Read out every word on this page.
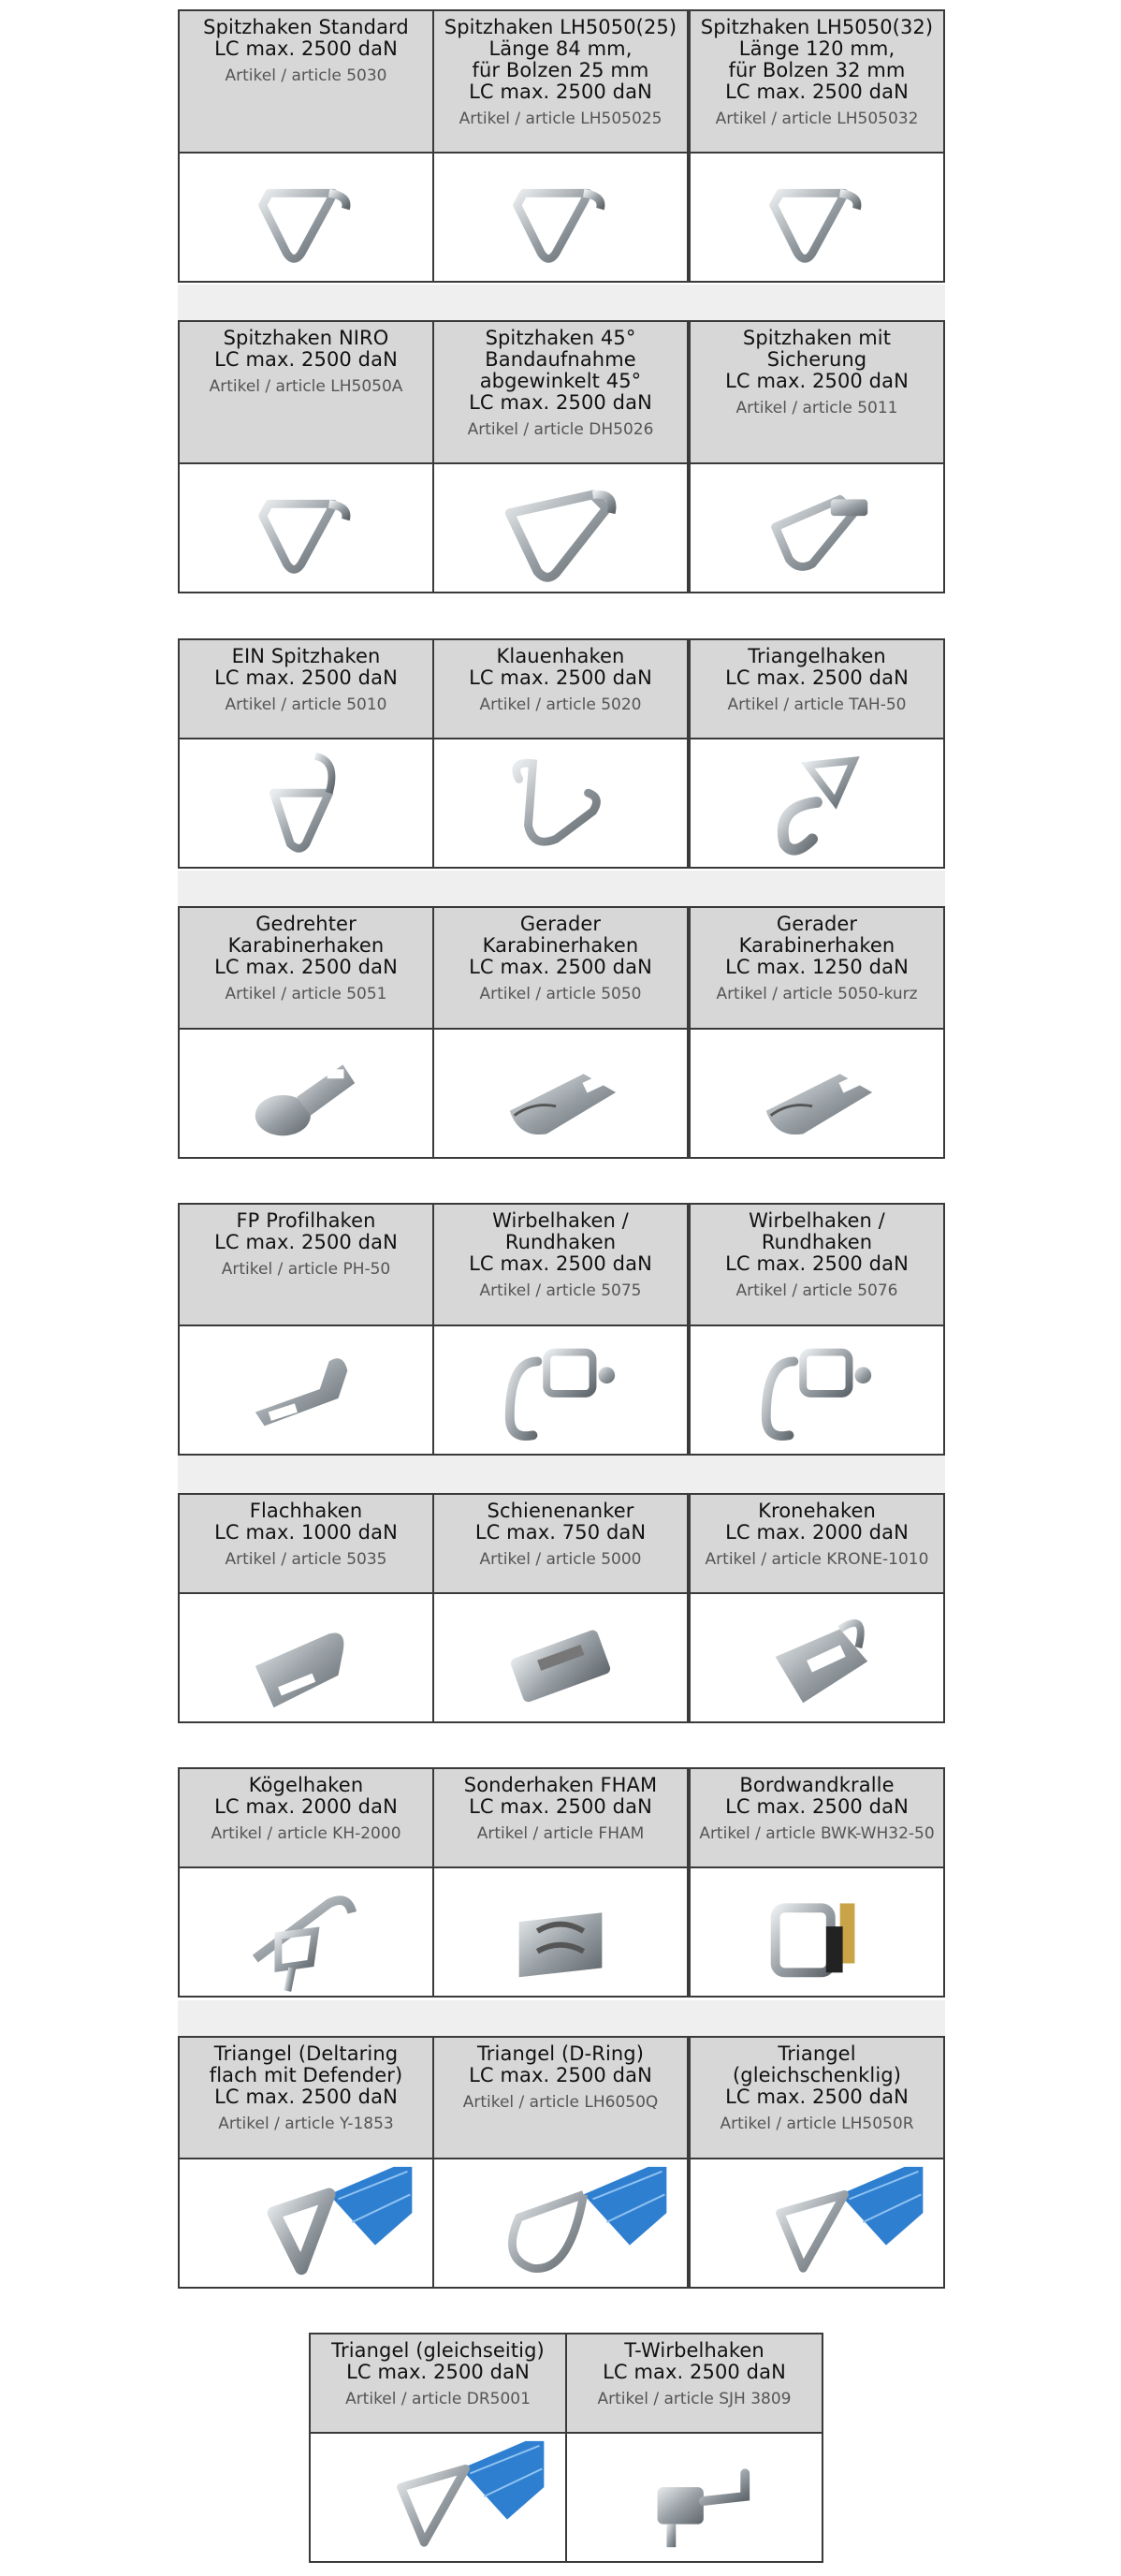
Spitzhaken Standard
LC max. 2500 daN
Artikel / article 5030
Spitzhaken LH5050(25)
Länge 84 mm,
für Bolzen 25 mm
LC max. 2500 daN
Artikel / article LH505025
Spitzhaken LH5050(32)
Länge 120 mm,
für Bolzen 32 mm
LC max. 2500 daN
Artikel / article LH505032
Spitzhaken NIRO
LC max. 2500 daN
Artikel / article LH5050A
Spitzhaken 45°
Bandaufnahme
abgewinkelt 45°
LC max. 2500 daN
Artikel / article DH5026
Spitzhaken mit
Sicherung
LC max. 2500 daN
Artikel / article 5011
EIN Spitzhaken
LC max. 2500 daN
Artikel / article 5010
Klauenhaken
LC max. 2500 daN
Artikel / article 5020
Triangelhaken
LC max. 2500 daN
Artikel / article TAH-50
Gedrehter
Karabinerhaken
LC max. 2500 daN
Artikel / article 5051
Gerader
Karabinerhaken
LC max. 2500 daN
Artikel / article 5050
Gerader
Karabinerhaken
LC max. 1250 daN
Artikel / article 5050-kurz
FP Profilhaken
LC max. 2500 daN
Artikel / article PH-50
Wirbelhaken /
Rundhaken
LC max. 2500 daN
Artikel / article 5075
Wirbelhaken /
Rundhaken
LC max. 2500 daN
Artikel / article 5076
Flachhaken
LC max. 1000 daN
Artikel / article 5035
Schienenanker
LC max. 750 daN
Artikel / article 5000
Kronehaken
LC max. 2000 daN
Artikel / article KRONE-1010
Kögelhaken
LC max. 2000 daN
Artikel / article KH-2000
Sonderhaken FHAM
LC max. 2500 daN
Artikel / article FHAM
Bordwandkralle
LC max. 2500 daN
Artikel / article BWK-WH32-50
Triangel (Deltaring
flach mit Defender)
LC max. 2500 daN
Artikel / article Y-1853
Triangel (D-Ring)
LC max. 2500 daN
Artikel / article LH6050Q
Triangel
(gleichschenklig)
LC max. 2500 daN
Artikel / article LH5050R
Triangel (gleichseitig)
LC max. 2500 daN
Artikel / article DR5001
T-Wirbelhaken
LC max. 2500 daN
Artikel / article SJH 3809
